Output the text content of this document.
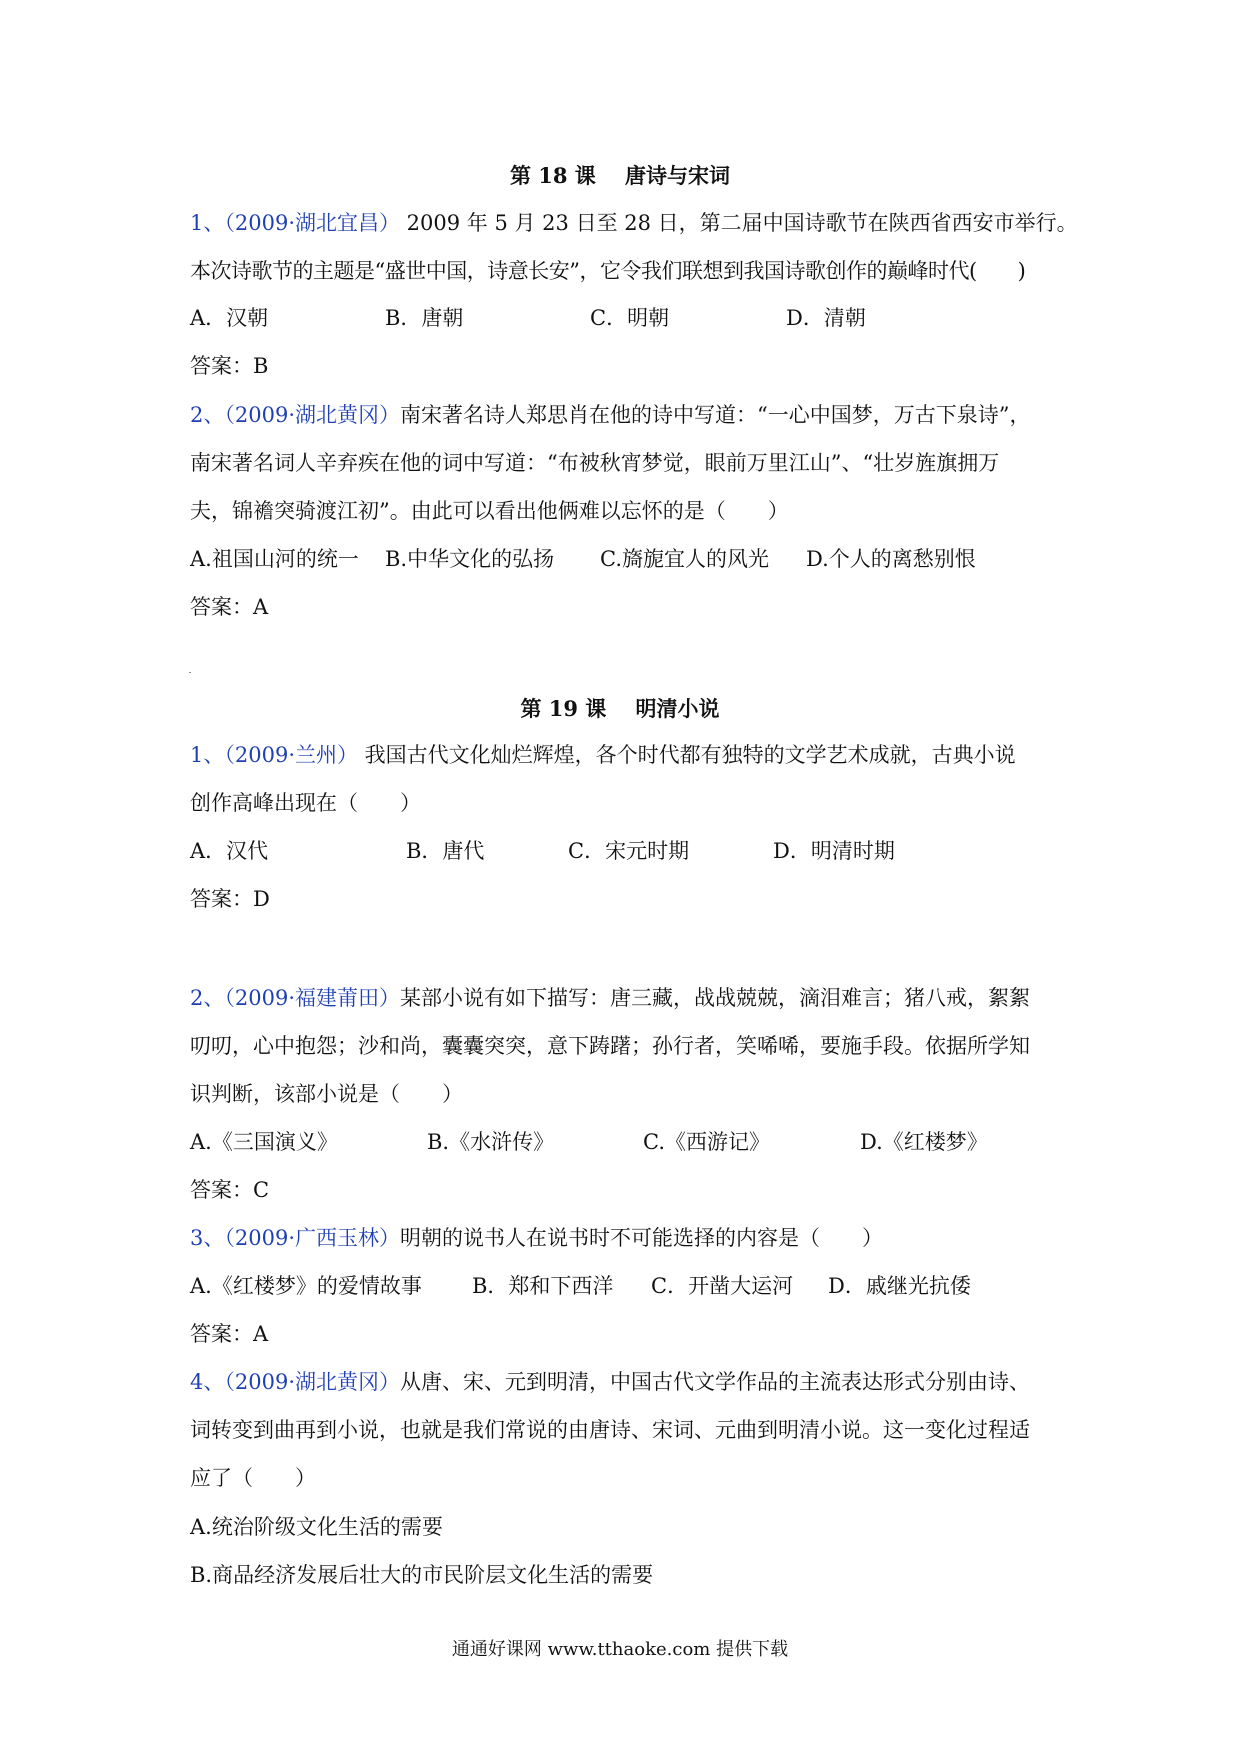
第 18 课    唐诗与宋词
1、（2009·湖北宜昌） 2009 年 5 月 23 日至 28 日，第二届中国诗歌节在陕西省西安市举行。
本次诗歌节的主题是“盛世中国，诗意长安”，它令我们联想到我国诗歌创作的巅峰时代(　　)
A．汉朝	B．唐朝	C．明朝	D．清朝
答案：B
2、（2009·湖北黄冈）南宋著名诗人郑思肖在他的诗中写道：“一心中国梦，万古下泉诗”，
南宋著名词人辛弃疾在他的词中写道：“布被秋宵梦觉，眼前万里江山”、“壮岁旌旗拥万
夫，锦襜突骑渡江初”。由此可以看出他俩难以忘怀的是（　　）
A.祖国山河的统一 B.中华文化的弘扬 C.旖旎宜人的风光 D.个人的离愁别恨
答案：A
第 19 课    明清小说
1、（2009·兰州） 我国古代文化灿烂辉煌，各个时代都有独特的文学艺术成就，古典小说
创作高峰出现在（　　）
A．汉代	B．唐代	C．宋元时期	D．明清时期
答案：D
2、（2009·福建莆田）某部小说有如下描写：唐三藏，战战兢兢，滴泪难言；猪八戒，絮絮
叨叨，心中抱怨；沙和尚，囊囊突突，意下踌躇；孙行者，笑唏唏，要施手段。依据所学知
识判断，该部小说是（　　）
A.《三国演义》	B.《水浒传》	C.《西游记》	D.《红楼梦》
答案：C
3、（2009·广西玉林）明朝的说书人在说书时不可能选择的内容是（　　）
A.《红楼梦》的爱情故事 B．郑和下西洋 C．开凿大运河 D．戚继光抗倭
答案：A
4、（2009·湖北黄冈）从唐、宋、元到明清，中国古代文学作品的主流表达形式分别由诗、
词转变到曲再到小说，也就是我们常说的由唐诗、宋词、元曲到明清小说。这一变化过程适
应了（　　）
A.统治阶级文化生活的需要
B.商品经济发展后壮大的市民阶层文化生活的需要
通通好课网 www.tthaoke.com 提供下载
